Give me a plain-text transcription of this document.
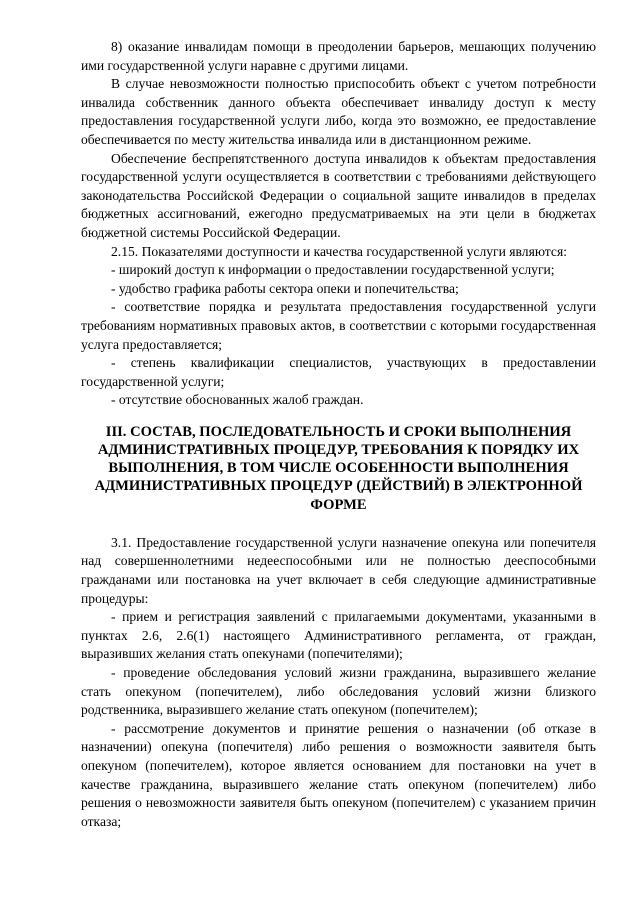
8) оказание инвалидам помощи в преодолении барьеров, мешающих получению ими государственной услуги наравне с другими лицами.

В случае невозможности полностью приспособить объект с учетом потребности инвалида собственник данного объекта обеспечивает инвалиду доступ к месту предоставления государственной услуги либо, когда это возможно, ее предоставление обеспечивается по месту жительства инвалида или в дистанционном режиме.

Обеспечение беспрепятственного доступа инвалидов к объектам предоставления государственной услуги осуществляется в соответствии с требованиями действующего законодательства Российской Федерации о социальной защите инвалидов в пределах бюджетных ассигнований, ежегодно предусматриваемых на эти цели в бюджетах бюджетной системы Российской Федерации.

2.15. Показателями доступности и качества государственной услуги являются:

- широкий доступ к информации о предоставлении государственной услуги;

- удобство графика работы сектора опеки и попечительства;

- соответствие порядка и результата предоставления государственной услуги требованиям нормативных правовых актов, в соответствии с которыми государственная услуга предоставляется;

- степень квалификации специалистов, участвующих в предоставлении государственной услуги;

- отсутствие обоснованных жалоб граждан.

III. СОСТАВ, ПОСЛЕДОВАТЕЛЬНОСТЬ И СРОКИ ВЫПОЛНЕНИЯ
АДМИНИСТРАТИВНЫХ ПРОЦЕДУР, ТРЕБОВАНИЯ К ПОРЯДКУ ИХ
ВЫПОЛНЕНИЯ, В ТОМ ЧИСЛЕ ОСОБЕННОСТИ ВЫПОЛНЕНИЯ
АДМИНИСТРАТИВНЫХ ПРОЦЕДУР (ДЕЙСТВИЙ) В ЭЛЕКТРОННОЙ
ФОРМЕ

3.1. Предоставление государственной услуги назначение опекуна или попечителя над совершеннолетними недееспособными или не полностью дееспособными гражданами или постановка на учет включает в себя следующие административные процедуры:

- прием и регистрация заявлений с прилагаемыми документами, указанными в пунктах 2.6, 2.6(1) настоящего Административного регламента, от граждан, выразивших желания стать опекунами (попечителями);

- проведение обследования условий жизни гражданина, выразившего желание стать опекуном (попечителем), либо обследования условий жизни близкого родственника, выразившего желание стать опекуном (попечителем);

- рассмотрение документов и принятие решения о назначении (об отказе в назначении) опекуна (попечителя) либо решения о возможности заявителя быть опекуном (попечителем), которое является основанием для постановки на учет в качестве гражданина, выразившего желание стать опекуном (попечителем) либо решения о невозможности заявителя быть опекуном (попечителем) с указанием причин отказа;
